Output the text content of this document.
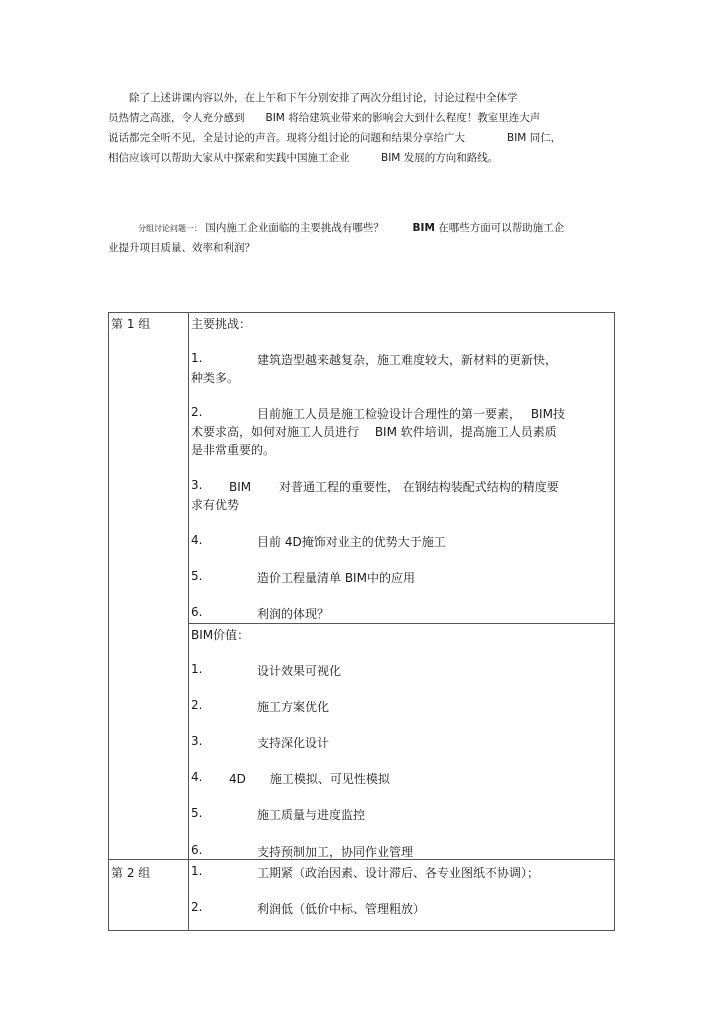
　　除了上述讲课内容以外，在上午和下午分别安排了两次分组讨论，讨论过程中全体学
员热情之高涨，令人充分感到　　BIM 将给建筑业带来的影响会大到什么程度！教室里连大声
说话都完全听不见，全是讨论的声音。现将分组讨论的问题和结果分享给广大　　　　BIM 同仁，
相信应该可以帮助大家从中探索和实践中国施工企业　　　BIM 发展的方向和路线。
分组讨论问题一： 国内施工企业面临的主要挑战有哪些？	BIM 在哪些方面可以帮助施工企
业提升项目质量、效率和利润？
第 1 组	主要挑战：
1.	建筑造型越来越复杂，施工难度较大，新材料的更新快，
种类多。
2.	目前施工人员是施工检验设计合理性的第一要素，　 BIM技
术要求高，如何对施工人员进行　 BIM 软件培训，提高施工人员素质
是非常重要的。
3. BIM　　 对普通工程的重要性， 在钢结构装配式结构的精度要
求有优势
4.	目前 4D掩饰对业主的优势大于施工
5.	造价工程量清单 BIM中的应用
6.	利润的体现？
BIM价值：
1.	设计效果可视化
2.	施工方案优化
3.	支持深化设计
4. 4D　　施工模拟、可见性模拟
5.	施工质量与进度监控
6.	支持预制加工，协同作业管理
第 2 组	1.	工期紧（政治因素、设计滞后、各专业图纸不协调）；
2.	利润低（低价中标、管理粗放）
